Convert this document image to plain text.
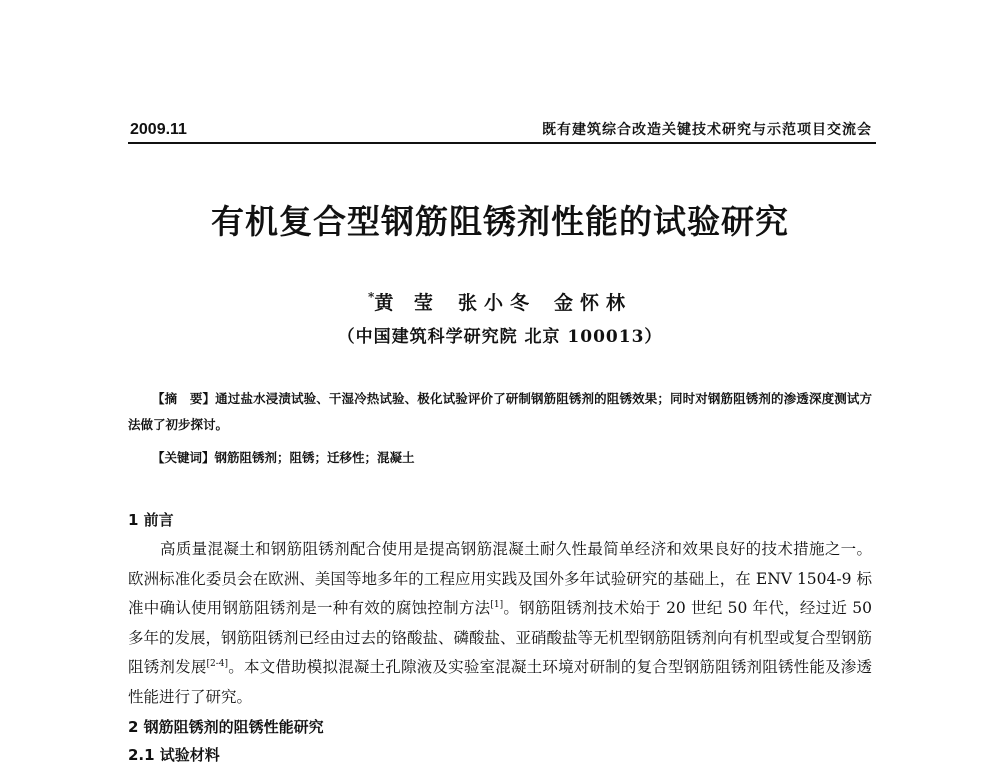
2009.11	既有建筑综合改造关键技术研究与示范项目交流会
有机复合型钢筋阻锈剂性能的试验研究
*黄 莹 张小冬 金怀林
（中国建筑科学研究院 北京 100013）
【摘　要】通过盐水浸渍试验、干湿冷热试验、极化试验评价了研制钢筋阻锈剂的阻锈效果；同时对钢筋阻锈剂的渗透深度测试方法做了初步探讨。
【关键词】钢筋阻锈剂；阻锈；迁移性；混凝土
1 前言
高质量混凝土和钢筋阻锈剂配合使用是提高钢筋混凝土耐久性最简单经济和效果良好的技术措施之一。欧洲标准化委员会在欧洲、美国等地多年的工程应用实践及国外多年试验研究的基础上，在 ENV 1504-9 标准中确认使用钢筋阻锈剂是一种有效的腐蚀控制方法[1]。钢筋阻锈剂技术始于 20 世纪 50 年代，经过近 50 多年的发展，钢筋阻锈剂已经由过去的铬酸盐、磷酸盐、亚硝酸盐等无机型钢筋阻锈剂向有机型或复合型钢筋阻锈剂发展[2-4]。本文借助模拟混凝土孔隙液及实验室混凝土环境对研制的复合型钢筋阻锈剂阻锈性能及渗透性能进行了研究。
2 钢筋阻锈剂的阻锈性能研究
2.1 试验材料
